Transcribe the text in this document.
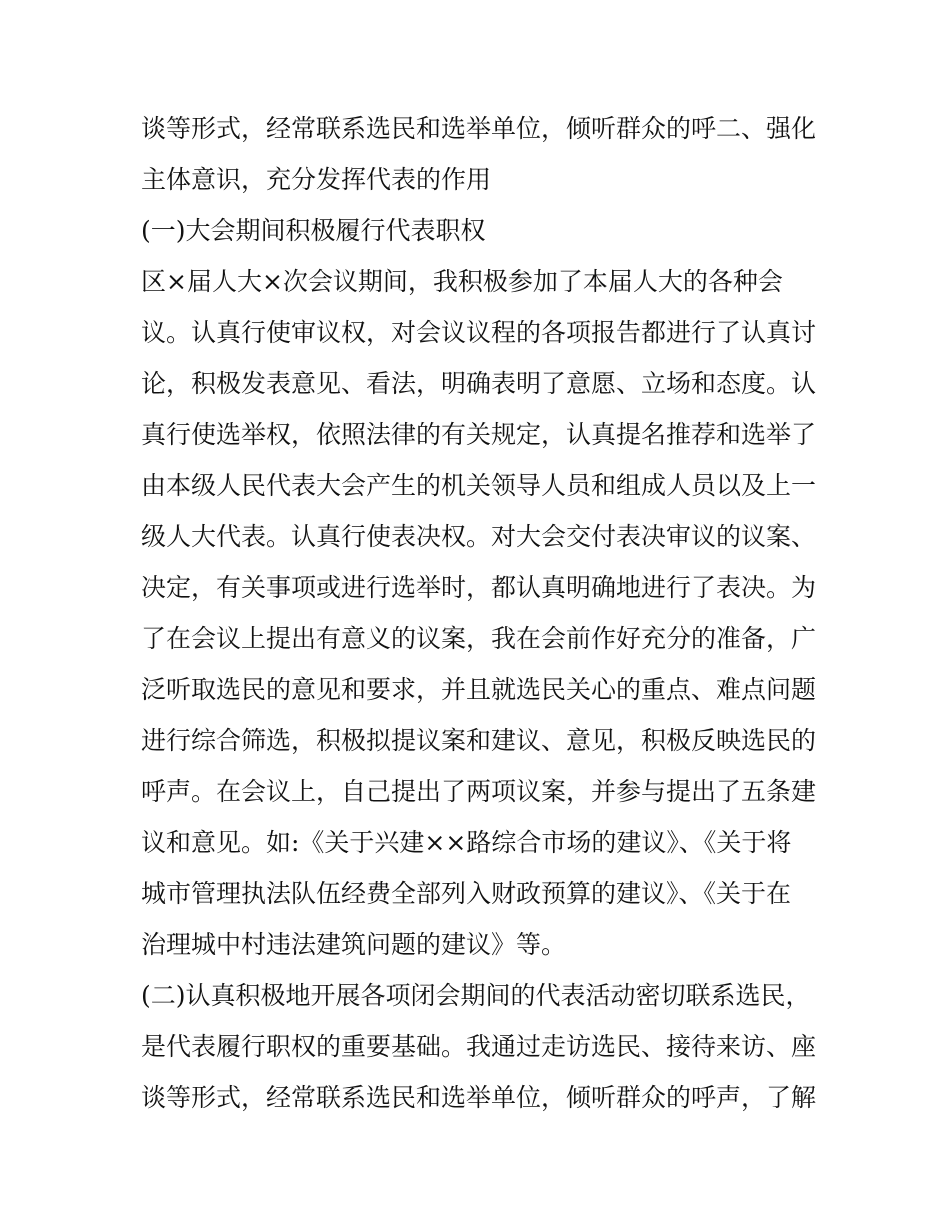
谈等形式，经常联系选民和选举单位，倾听群众的呼二、强化
主体意识，充分发挥代表的作用
(一)大会期间积极履行代表职权
区×届人大×次会议期间，我积极参加了本届人大的各种会
议。认真行使审议权，对会议议程的各项报告都进行了认真讨
论，积极发表意见、看法，明确表明了意愿、立场和态度。认
真行使选举权，依照法律的有关规定，认真提名推荐和选举了
由本级人民代表大会产生的机关领导人员和组成人员以及上一
级人大代表。认真行使表决权。对大会交付表决审议的议案、
决定，有关事项或进行选举时，都认真明确地进行了表决。为
了在会议上提出有意义的议案，我在会前作好充分的准备，广
泛听取选民的意见和要求，并且就选民关心的重点、难点问题
进行综合筛选，积极拟提议案和建议、意见，积极反映选民的
呼声。在会议上，自己提出了两项议案，并参与提出了五条建
议和意见。如:《关于兴建××路综合市场的建议》、《关于将
城市管理执法队伍经费全部列入财政预算的建议》、《关于在
治理城中村违法建筑问题的建议》等。
(二)认真积极地开展各项闭会期间的代表活动密切联系选民，
是代表履行职权的重要基础。我通过走访选民、接待来访、座
谈等形式，经常联系选民和选举单位，倾听群众的呼声，了解
